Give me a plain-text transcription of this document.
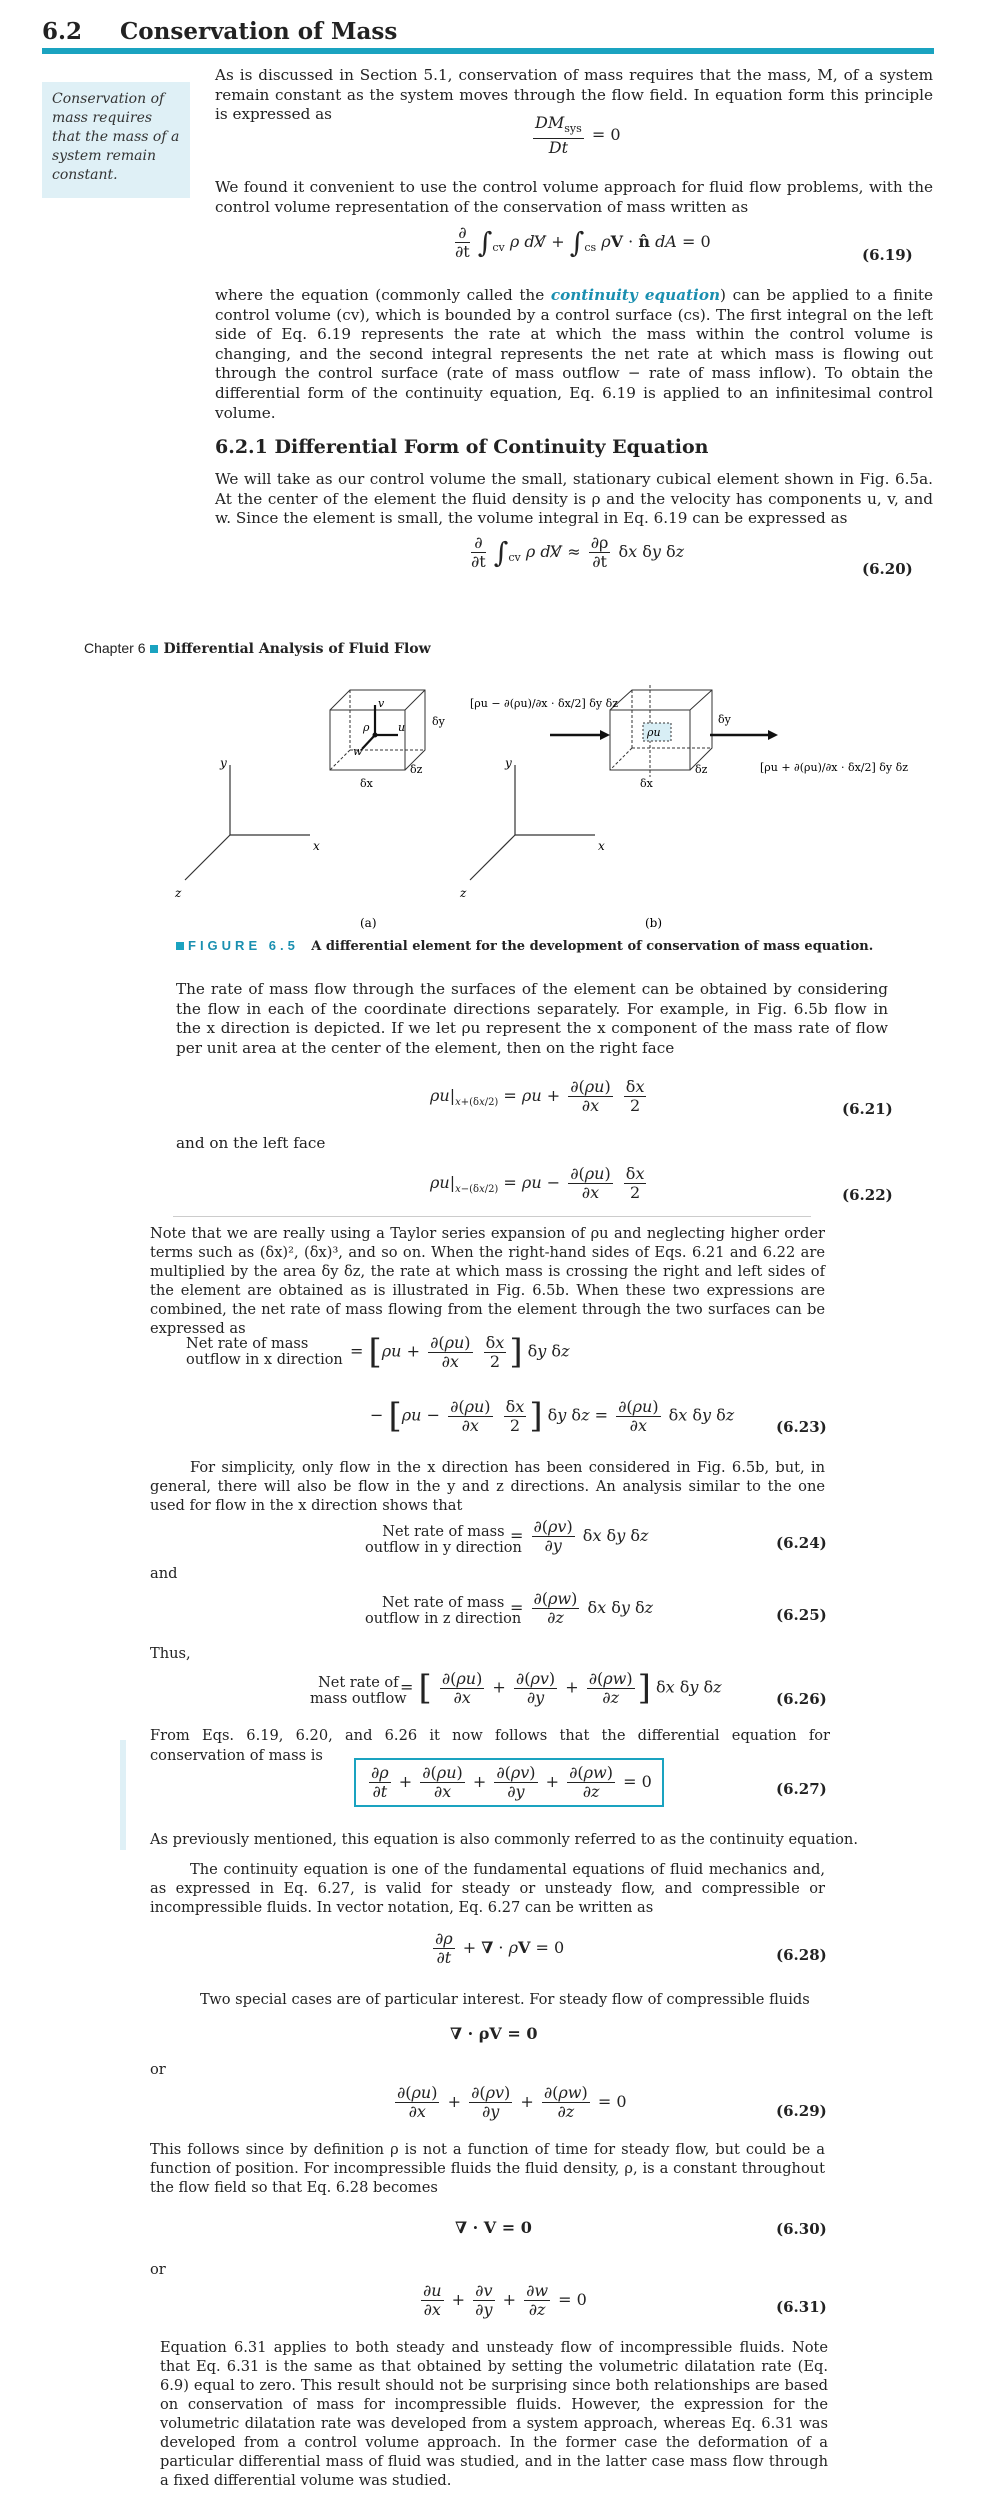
6.2 Conservation of Mass
Conservation of mass requires that the mass of a system remain constant.
As is discussed in Section 5.1, conservation of mass requires that the mass, M, of a system remain constant as the system moves through the flow field. In equation form this principle is expressed as	$\frac{DM_{sys}}{Dt} = 0$
We found it convenient to use the control volume approach for fluid flow problems, with the control volume representation of the conservation of mass written as
$\frac{\partial}{\partial t} \int_{cv}$ ρ dV̸ + $\int_{cs}$ ρV · n̂ dA = 0
(6.19)
where the equation (commonly called the continuity equation) can be applied to a finite control volume (cv), which is bounded by a control surface (cs). The first integral on the left side of Eq. 6.19 represents the rate at which the mass within the control volume is changing, and the second integral represents the net rate at which mass is flowing out through the control surface (rate of mass outflow − rate of mass inflow). To obtain the differential form of the continuity equation, Eq. 6.19 is applied to an infinitesimal control volume.
6.2.1 Differential Form of Continuity Equation
We will take as our control volume the small, stationary cubical element shown in Fig. 6.5a. At the center of the element the fluid density is ρ and the velocity has components u, v, and w. Since the element is small, the volume integral in Eq. 6.19 can be expressed as
$\frac{\partial}{\partial t} \int_{cv}$ ρ dV̸ ≈ $\frac{\partial\rho}{\partial t}$ δx δy δz
(6.20)
Chapter 6 Differential Analysis of Fluid Flow
y
x
z
v
u
w
ρ	δy
δx
δz
(a)
y
x
z
ρu
[ρu − ∂(ρu)/∂x · δx/2] δy δz
[ρu + ∂(ρu)/∂x · δx/2] δy δz
δy
δx
δz
(b)
FIGURE 6.5 A differential element for the development of conservation of mass equation.
The rate of mass flow through the surfaces of the element can be obtained by considering the flow in each of the coordinate directions separately. For example, in Fig. 6.5b flow in the x direction is depicted. If we let ρu represent the x component of the mass rate of flow per unit area at the center of the element, then on the right face
$\rho u|_{x+(\delta x/2)} = \rho u + \frac{\partial(\rho u)}{\partial x}$
$\frac{\delta x}{2}$	(6.21)
and on the left face
$\rho u|_{x-(\delta x/2)} = \rho u - \frac{\partial(\rho u)}{\partial x}$
$\frac{\delta x}{2}$	(6.22)
Note that we are really using a Taylor series expansion of ρu and neglecting higher order terms such as (δx)², (δx)³, and so on. When the right-hand sides of Eqs. 6.21 and 6.22 are multiplied by the area δy δz, the rate at which mass is crossing the right and left sides of the element are obtained as is illustrated in Fig. 6.5b. When these two expressions are combined, the net rate of mass flowing from the element through the two surfaces can be expressed as
Net rate of mass
outflow in x direction = [$\rho u + \frac{\partial(\rho u)}{\partial x}$
$\frac{\delta x}{2}$ ] δy δz
− [$\rho u - \frac{\partial(\rho u)}{\partial x}$
$\frac{\delta x}{2}$ ] δy $\delta z = \frac{\partial(\rho u)}{\partial x}$ δx δy δz
(6.23)
For simplicity, only flow in the x direction has been considered in Fig. 6.5b, but, in general, there will also be flow in the y and z directions. An analysis similar to the one used for flow in the x direction shows that
Net rate of mass
outflow in y direction
= $\frac{\partial(\rho v)}{\partial y}$ δx δy δz	(6.24)
and
Net rate of mass
outflow in z direction
= $\frac{\partial(\rho w)}{\partial z}$ δx δy δz	(6.25)
Thus,
Net rate of
mass outflow
= [ $\frac{\partial(\rho u)}{\partial x} + \frac{\partial(\rho v)}{\partial y} + \frac{\partial(\rho w)}{\partial z}$ ] δx δy δz
(6.26)
From Eqs. 6.19, 6.20, and 6.26 it now follows that the differential equation for conservation of mass is
$\frac{\partial\rho}{\partial t} + \frac{\partial(\rho u)}{\partial x} + \frac{\partial(\rho v)}{\partial y} + \frac{\partial(\rho w)}{\partial z} = 0$	(6.27)
As previously mentioned, this equation is also commonly referred to as the continuity equation.
The continuity equation is one of the fundamental equations of fluid mechanics and, as expressed in Eq. 6.27, is valid for steady or unsteady flow, and compressible or incompressible fluids. In vector notation, Eq. 6.27 can be written as
$\frac{\partial\rho}{\partial t}$ + ∇ · ρV = 0	(6.28)
Two special cases are of particular interest. For steady flow of compressible fluids
∇ · ρV = 0
or
$\frac{\partial(\rho u)}{\partial x} + \frac{\partial(\rho v)}{\partial y} + \frac{\partial(\rho w)}{\partial z} = 0$	(6.29)
This follows since by definition ρ is not a function of time for steady flow, but could be a function of position. For incompressible fluids the fluid density, ρ, is a constant throughout the flow field so that Eq. 6.28 becomes
∇ · V = 0	(6.30)
or
$\frac{\partial u}{\partial x} + \frac{\partial v}{\partial y} + \frac{\partial w}{\partial z} = 0$	(6.31)
Equation 6.31 applies to both steady and unsteady flow of incompressible fluids. Note that Eq. 6.31 is the same as that obtained by setting the volumetric dilatation rate (Eq. 6.9) equal to zero. This result should not be surprising since both relationships are based on conservation of mass for incompressible fluids. However, the expression for the volumetric dilatation rate was developed from a system approach, whereas Eq. 6.31 was developed from a control volume approach. In the former case the deformation of a particular differential mass of fluid was studied, and in the latter case mass flow through a fixed differential volume was studied.
